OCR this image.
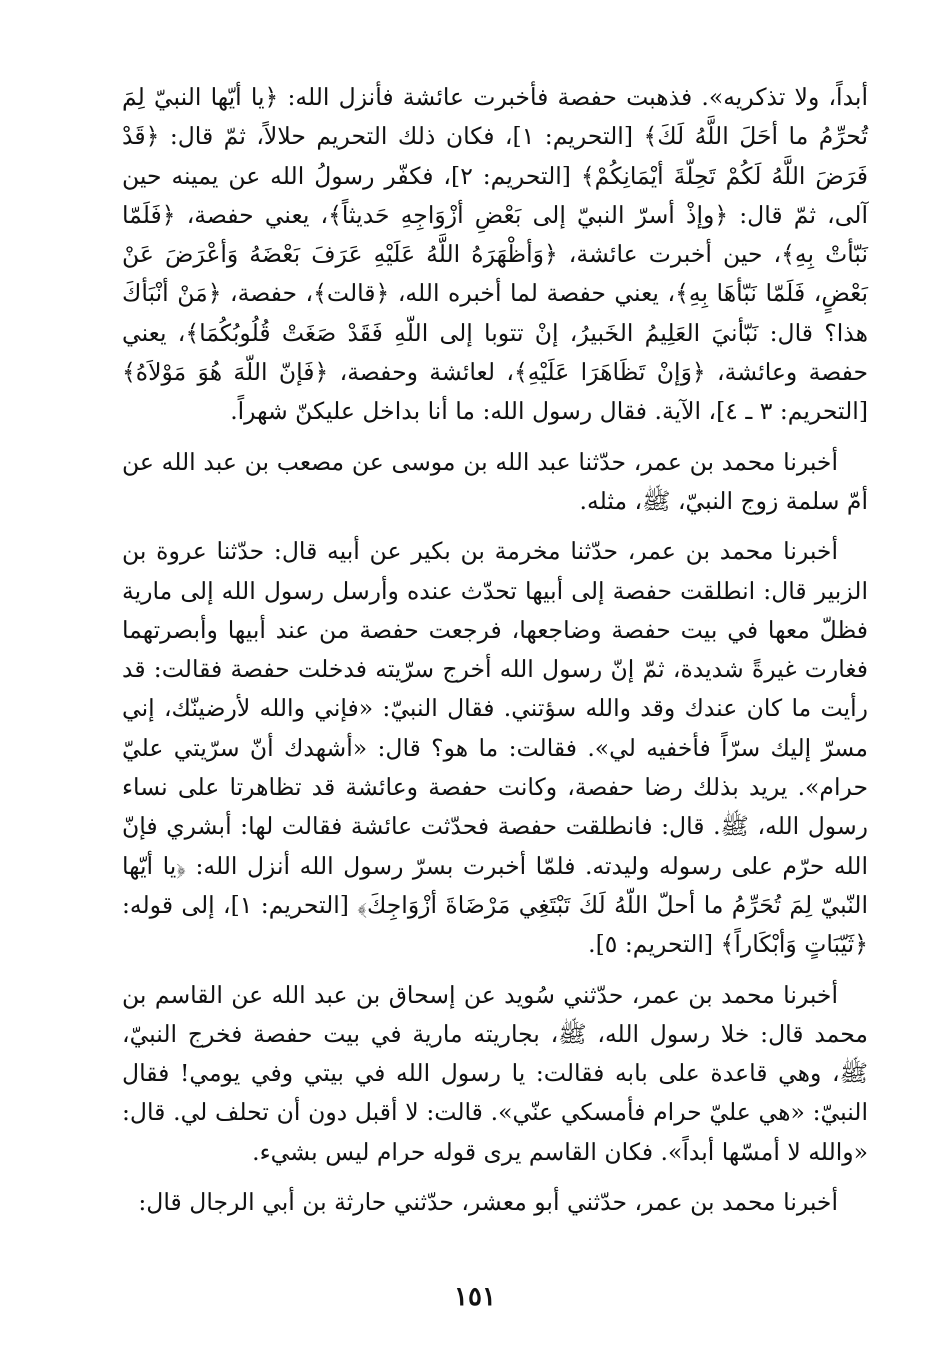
أبداً، ولا تذكريه». فذهبت حفصة فأخبرت عائشة فأنزل الله: ﴿يا أيّها النبيّ لِمَ تُحرِّمُ ما أحَلَ اللَّهُ لَكَ﴾ [التحريم: ١]، فكان ذلك التحريم حلالاً، ثمّ قال: ﴿قَدْ فَرَضَ اللَّهُ لَكُمْ تَحِلّةَ أيْمَانِكُمْ﴾ [التحريم: ٢]، فكفّر رسولُ الله عن يمينه حين آلى، ثمّ قال: ﴿وإذْ أسرّ النبيّ إلى بَعْضِ أزْوَاجِهِ حَديثاً﴾، يعني حفصة، ﴿فَلَمّا نَبّأتْ بِهِ﴾، حين أخبرت عائشة، ﴿وَأظْهَرَهُ اللَّهُ عَلَيْهِ عَرَفَ بَعْضَهُ وَأعْرَضَ عَنْ بَعْضٍ، فَلَمّا نَبّأهَا بِهِ﴾، يعني حفصة لما أخبره الله، ﴿قالت﴾، حفصة، ﴿مَنْ أنْبَأكَ هذا؟ قال: نَبّأنيَ العَلِيمُ الخَبيرُ، إنْ تتوبا إلى اللّهِ فَقَدْ صَغَتْ قُلُوبُكُمَا﴾، يعني حفصة وعائشة، ﴿وَإنْ تَظَاهَرَا عَلَيْهِ﴾، لعائشة وحفصة، ﴿فَإنّ اللّهَ هُوَ مَوْلاَهُ﴾ [التحريم: ٣ ـ ٤]، الآية. فقال رسول الله: ما أنا بداخل عليكنّ شهراً.

أخبرنا محمد بن عمر، حدّثنا عبد الله بن موسى عن مصعب بن عبد الله عن أمّ سلمة زوج النبيّ، ﷺ، مثله.

أخبرنا محمد بن عمر، حدّثنا مخرمة بن بكير عن أبيه قال: حدّثنا عروة بن الزبير قال: انطلقت حفصة إلى أبيها تحدّث عنده وأرسل رسول الله إلى مارية فظلّ معها في بيت حفصة وضاجعها، فرجعت حفصة من عند أبيها وأبصرتهما فغارت غيرةً شديدة، ثمّ إنّ رسول الله أخرج سرّيته فدخلت حفصة فقالت: قد رأيت ما كان عندك وقد والله سؤتني. فقال النبيّ: «فإني والله لأرضينّك، إني مسرّ إليك سرّاً فأخفيه لي». فقالت: ما هو؟ قال: «أشهدك أنّ سرّيتي عليّ حرام». يريد بذلك رضا حفصة، وكانت حفصة وعائشة قد تظاهرتا على نساء رسول الله، ﷺ. قال: فانطلقت حفصة فحدّثت عائشة فقالت لها: أبشري فإنّ الله حرّم على رسوله وليدته. فلمّا أخبرت بسرّ رسول الله أنزل الله: ﴿يا أيّها النّبيّ لِمَ تُحَرِّمُ ما أحلّ اللّهُ لَكَ تَبْتَغِي مَرْضَاةَ أزْوَاجِكَ﴾ [التحريم: ١]، إلى قوله: ﴿ثَيّبَاتٍ وَأبْكَاراً﴾ [التحريم: ٥].

أخبرنا محمد بن عمر، حدّثني سُويد عن إسحاق بن عبد الله عن القاسم بن محمد قال: خلا رسول الله، ﷺ، بجاريته مارية في بيت حفصة فخرج النبيّ، ﷺ، وهي قاعدة على بابه فقالت: يا رسول الله في بيتي وفي يومي! فقال النبيّ: «هي عليّ حرام فأمسكي عنّي». قالت: لا أقبل دون أن تحلف لي. قال: «والله لا أمسّها أبداً». فكان القاسم يرى قوله حرام ليس بشيء.

أخبرنا محمد بن عمر، حدّثني أبو معشر، حدّثني حارثة بن أبي الرجال قال:

١٥١
